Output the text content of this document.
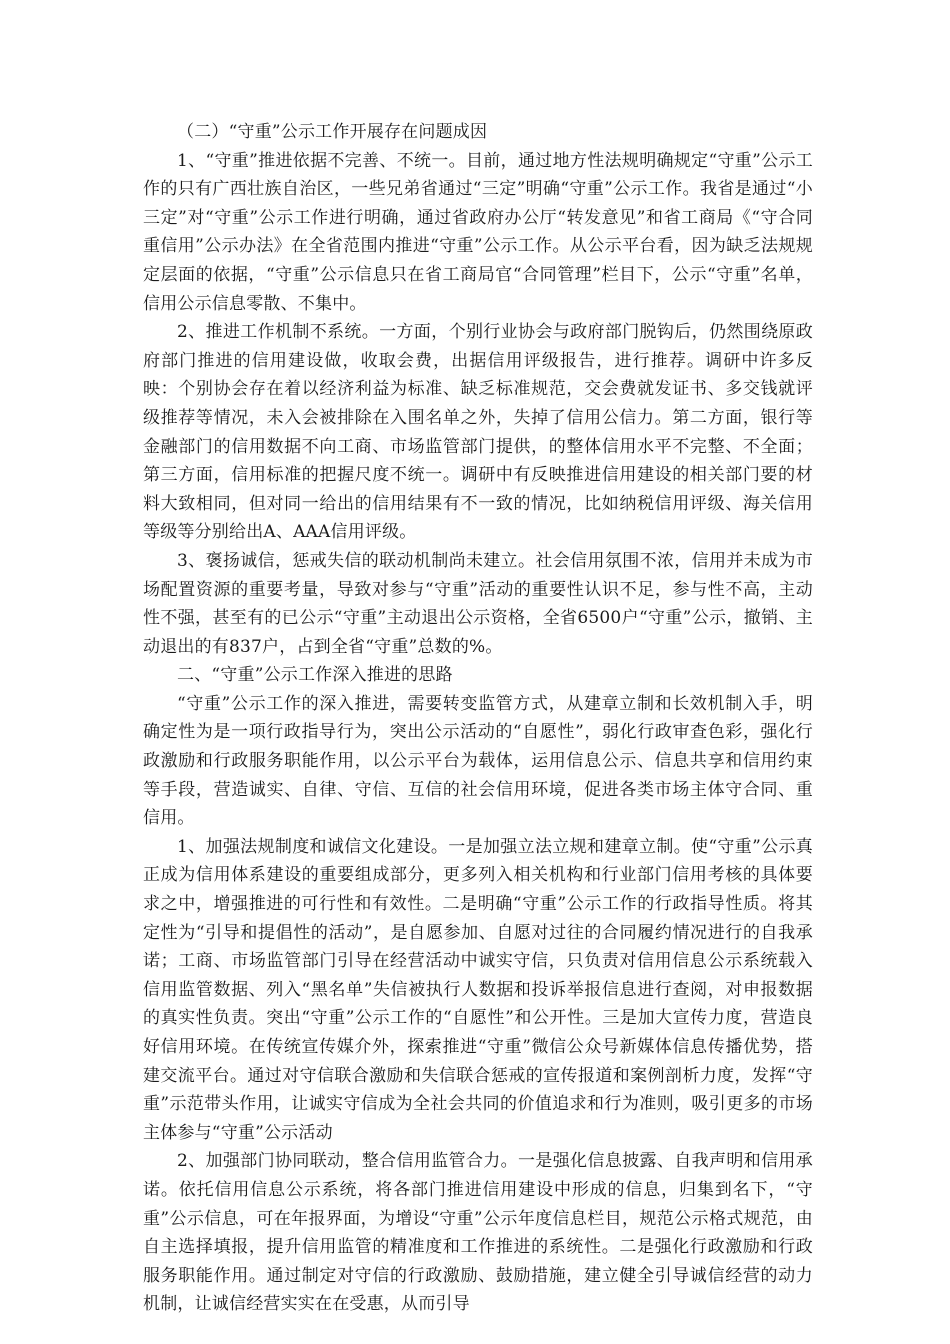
（二）“守重”公示工作开展存在问题成因

1、“守重”推进依据不完善、不统一。目前，通过地方性法规明确规定“守重”公示工作的只有广西壮族自治区，一些兄弟省通过“三定”明确“守重”公示工作。我省是通过“小三定”对“守重”公示工作进行明确，通过省政府办公厅“转发意见”和省工商局《“守合同重信用”公示办法》在全省范围内推进“守重”公示工作。从公示平台看，因为缺乏法规规定层面的依据，“守重”公示信息只在省工商局官“合同管理”栏目下，公示“守重”名单，信用公示信息零散、不集中。

2、推进工作机制不系统。一方面，个别行业协会与政府部门脱钩后，仍然围绕原政府部门推进的信用建设做，收取会费，出据信用评级报告，进行推荐。调研中许多反映：个别协会存在着以经济利益为标准、缺乏标准规范，交会费就发证书、多交钱就评级推荐等情况，未入会被排除在入围名单之外，失掉了信用公信力。第二方面，银行等金融部门的信用数据不向工商、市场监管部门提供，的整体信用水平不完整、不全面；第三方面，信用标准的把握尺度不统一。调研中有反映推进信用建设的相关部门要的材料大致相同，但对同一给出的信用结果有不一致的情况，比如纳税信用评级、海关信用等级等分别给出A、AAA信用评级。

3、褒扬诚信，惩戒失信的联动机制尚未建立。社会信用氛围不浓，信用并未成为市场配置资源的重要考量，导致对参与“守重”活动的重要性认识不足，参与性不高，主动性不强，甚至有的已公示“守重”主动退出公示资格，全省6500户“守重”公示，撤销、主动退出的有837户，占到全省“守重”总数的%。

二、“守重”公示工作深入推进的思路

“守重”公示工作的深入推进，需要转变监管方式，从建章立制和长效机制入手，明确定性为是一项行政指导行为，突出公示活动的“自愿性”，弱化行政审查色彩，强化行政激励和行政服务职能作用，以公示平台为载体，运用信息公示、信息共享和信用约束等手段，营造诚实、自律、守信、互信的社会信用环境，促进各类市场主体守合同、重信用。

1、加强法规制度和诚信文化建设。一是加强立法立规和建章立制。使“守重”公示真正成为信用体系建设的重要组成部分，更多列入相关机构和行业部门信用考核的具体要求之中，增强推进的可行性和有效性。二是明确“守重”公示工作的行政指导性质。将其定性为“引导和提倡性的活动”，是自愿参加、自愿对过往的合同履约情况进行的自我承诺；工商、市场监管部门引导在经营活动中诚实守信，只负责对信用信息公示系统载入信用监管数据、列入“黑名单”失信被执行人数据和投诉举报信息进行查阅，对申报数据的真实性负责。突出“守重”公示工作的“自愿性”和公开性。三是加大宣传力度，营造良好信用环境。在传统宣传媒介外，探索推进“守重”微信公众号新媒体信息传播优势，搭建交流平台。通过对守信联合激励和失信联合惩戒的宣传报道和案例剖析力度，发挥“守重”示范带头作用，让诚实守信成为全社会共同的价值追求和行为准则，吸引更多的市场主体参与“守重”公示活动

2、加强部门协同联动，整合信用监管合力。一是强化信息披露、自我声明和信用承诺。依托信用信息公示系统，将各部门推进信用建设中形成的信息，归集到名下，“守重”公示信息，可在年报界面，为增设“守重”公示年度信息栏目，规范公示格式规范，由自主选择填报，提升信用监管的精准度和工作推进的系统性。二是强化行政激励和行政服务职能作用。通过制定对守信的行政激励、鼓励措施，建立健全引导诚信经营的动力机制，让诚信经营实实在在受惠，从而引导
